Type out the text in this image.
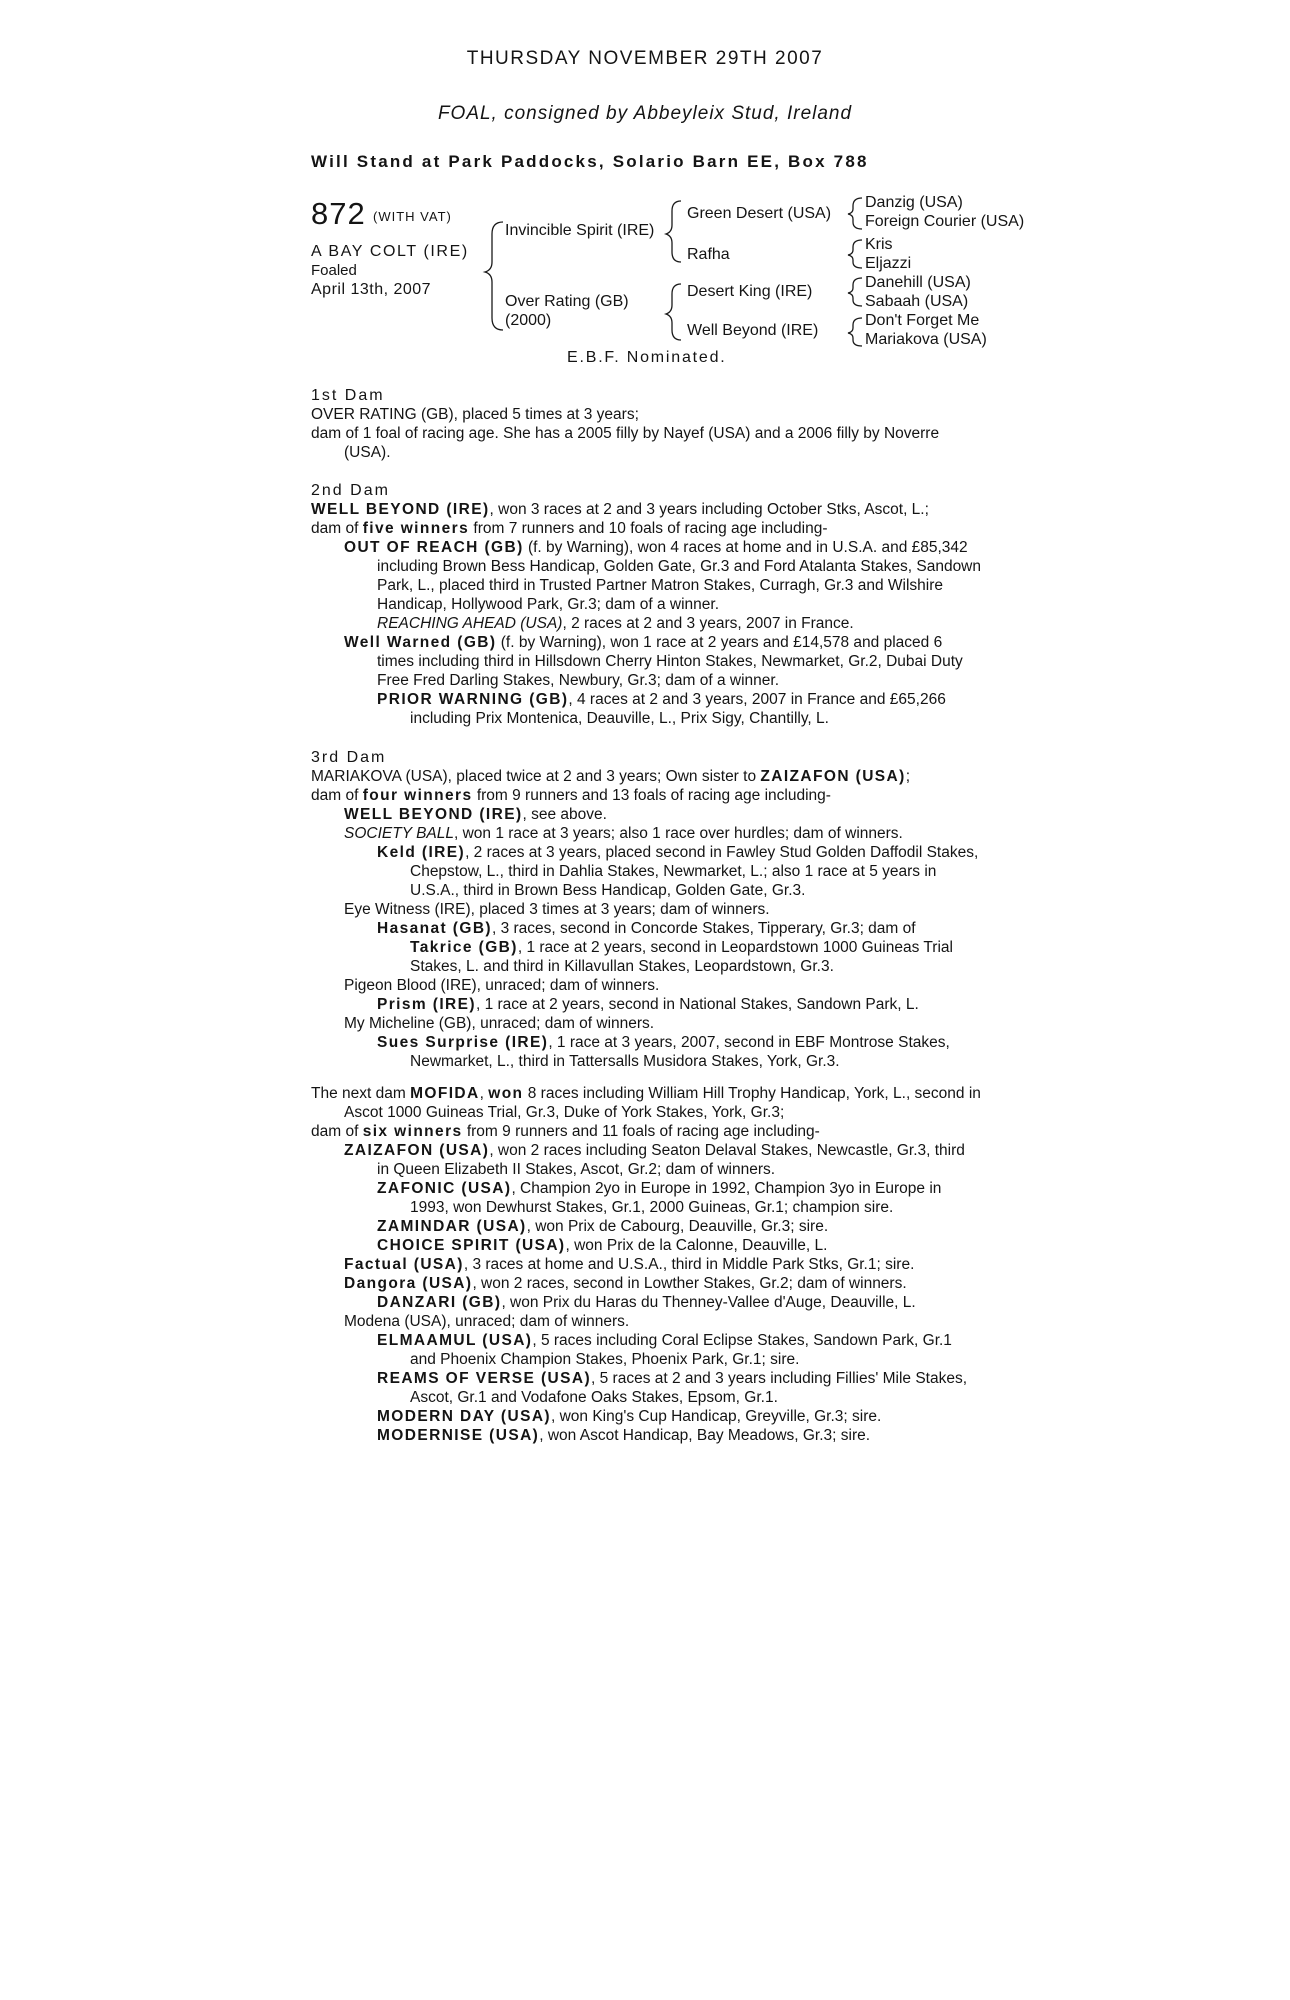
THURSDAY NOVEMBER 29TH 2007
FOAL, consigned by Abbeyleix Stud, Ireland
Will Stand at Park Paddocks, Solario Barn EE, Box 788
872 (WITH VAT)
A BAY COLT (IRE)
Foaled
April 13th, 2007
Invincible Spirit (IRE)
Over Rating (GB)
(2000)
Green Desert (USA)
Rafha
Desert King (IRE)
Well Beyond (IRE)
Danzig (USA)
Foreign Courier (USA)
Kris
Eljazzi
Danehill (USA)
Sabaah (USA)
Don't Forget Me
Mariakova (USA)
E.B.F. Nominated.

1st Dam

OVER RATING (GB), placed 5 times at 3 years;

dam of 1 foal of racing age. She has a 2005 filly by Nayef (USA) and a 2006 filly by Noverre (USA).

2nd Dam

WELL BEYOND (IRE), won 3 races at 2 and 3 years including October Stks, Ascot, L.;

dam of five winners from 7 runners and 10 foals of racing age including-

OUT OF REACH (GB) (f. by Warning), won 4 races at home and in U.S.A. and £85,342 including Brown Bess Handicap, Golden Gate, Gr.3 and Ford Atalanta Stakes, Sandown Park, L., placed third in Trusted Partner Matron Stakes, Curragh, Gr.3 and Wilshire Handicap, Hollywood Park, Gr.3; dam of a winner.

REACHING AHEAD (USA), 2 races at 2 and 3 years, 2007 in France.

Well Warned (GB) (f. by Warning), won 1 race at 2 years and £14,578 and placed 6 times including third in Hillsdown Cherry Hinton Stakes, Newmarket, Gr.2, Dubai Duty Free Fred Darling Stakes, Newbury, Gr.3; dam of a winner.

PRIOR WARNING (GB), 4 races at 2 and 3 years, 2007 in France and £65,266 including Prix Montenica, Deauville, L., Prix Sigy, Chantilly, L.

3rd Dam

MARIAKOVA (USA), placed twice at 2 and 3 years; Own sister to ZAIZAFON (USA);

dam of four winners from 9 runners and 13 foals of racing age including-

WELL BEYOND (IRE), see above.

SOCIETY BALL, won 1 race at 3 years; also 1 race over hurdles; dam of winners.

Keld (IRE), 2 races at 3 years, placed second in Fawley Stud Golden Daffodil Stakes, Chepstow, L., third in Dahlia Stakes, Newmarket, L.; also 1 race at 5 years in U.S.A., third in Brown Bess Handicap, Golden Gate, Gr.3.

Eye Witness (IRE), placed 3 times at 3 years; dam of winners.

Hasanat (GB), 3 races, second in Concorde Stakes, Tipperary, Gr.3; dam of Takrice (GB), 1 race at 2 years, second in Leopardstown 1000 Guineas Trial Stakes, L. and third in Killavullan Stakes, Leopardstown, Gr.3.

Pigeon Blood (IRE), unraced; dam of winners.

Prism (IRE), 1 race at 2 years, second in National Stakes, Sandown Park, L.

My Micheline (GB), unraced; dam of winners.

Sues Surprise (IRE), 1 race at 3 years, 2007, second in EBF Montrose Stakes, Newmarket, L., third in Tattersalls Musidora Stakes, York, Gr.3.

The next dam MOFIDA, won 8 races including William Hill Trophy Handicap, York, L., second in Ascot 1000 Guineas Trial, Gr.3, Duke of York Stakes, York, Gr.3;

dam of six winners from 9 runners and 11 foals of racing age including-

ZAIZAFON (USA), won 2 races including Seaton Delaval Stakes, Newcastle, Gr.3, third in Queen Elizabeth II Stakes, Ascot, Gr.2; dam of winners.

ZAFONIC (USA), Champion 2yo in Europe in 1992, Champion 3yo in Europe in 1993, won Dewhurst Stakes, Gr.1, 2000 Guineas, Gr.1; champion sire.

ZAMINDAR (USA), won Prix de Cabourg, Deauville, Gr.3; sire.

CHOICE SPIRIT (USA), won Prix de la Calonne, Deauville, L.

Factual (USA), 3 races at home and U.S.A., third in Middle Park Stks, Gr.1; sire.

Dangora (USA), won 2 races, second in Lowther Stakes, Gr.2; dam of winners.

DANZARI (GB), won Prix du Haras du Thenney-Vallee d'Auge, Deauville, L.

Modena (USA), unraced; dam of winners.

ELMAAMUL (USA), 5 races including Coral Eclipse Stakes, Sandown Park, Gr.1 and Phoenix Champion Stakes, Phoenix Park, Gr.1; sire.

REAMS OF VERSE (USA), 5 races at 2 and 3 years including Fillies' Mile Stakes, Ascot, Gr.1 and Vodafone Oaks Stakes, Epsom, Gr.1.

MODERN DAY (USA), won King's Cup Handicap, Greyville, Gr.3; sire.

MODERNISE (USA), won Ascot Handicap, Bay Meadows, Gr.3; sire.
